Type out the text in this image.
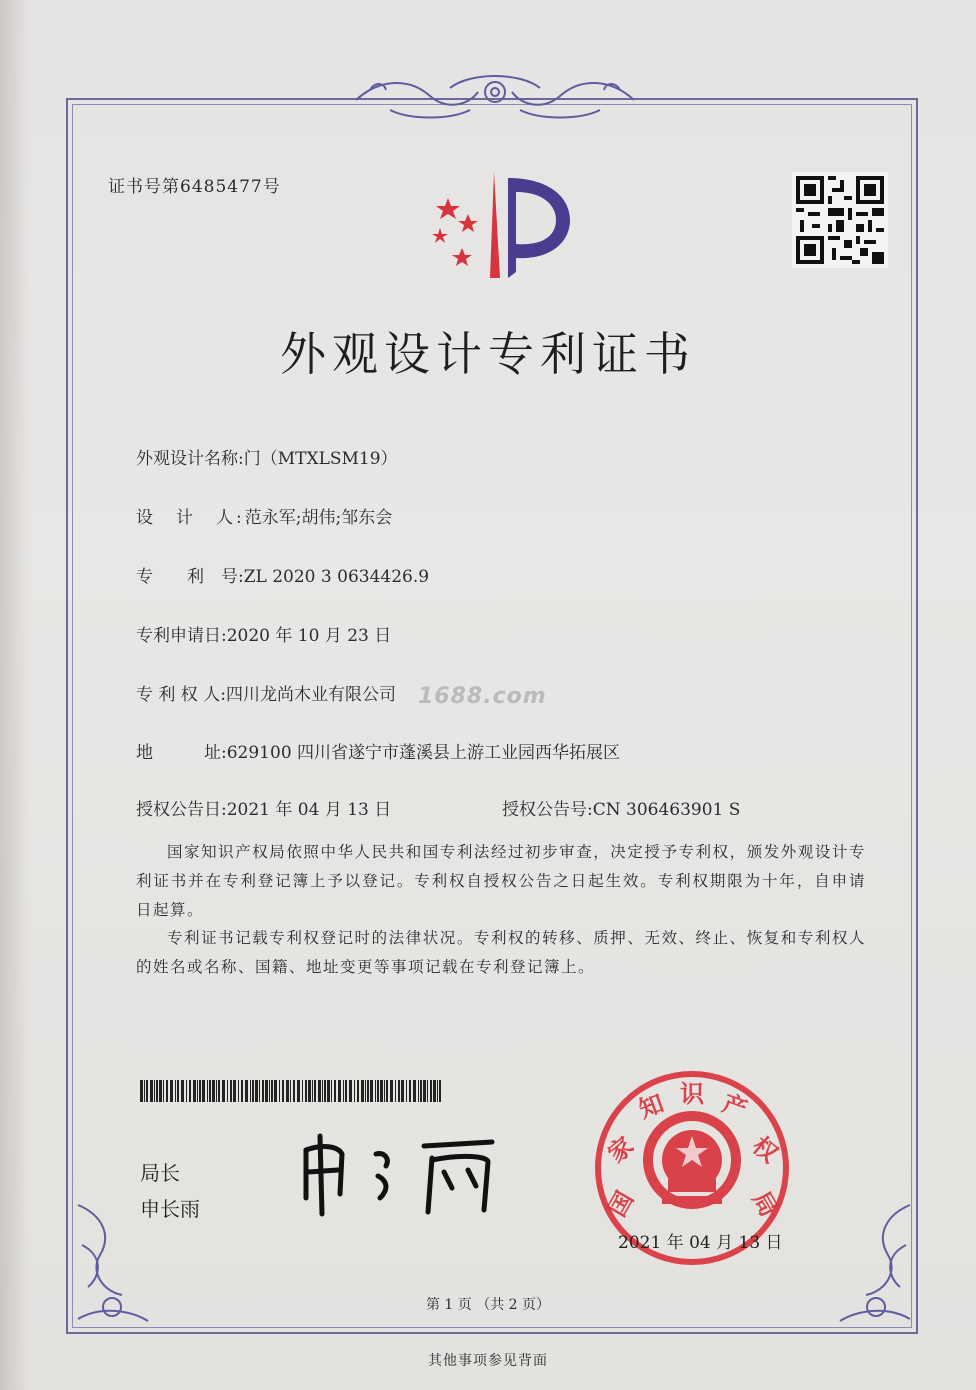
证书号第6485477号
外观设计专利证书
外观设计名称:门（MTXLSM19）
设　计　人:范永军;胡伟;邹东会
专　　利　号:ZL 2020 3 0634426.9
专利申请日:2020 年 10 月 23 日
专 利 权 人:四川龙尚木业有限公司
地　　　址:629100 四川省遂宁市蓬溪县上游工业园西华拓展区
授权公告日:2021 年 04 月 13 日	授权公告号:CN 306463901 S
1688.com
国家知识产权局依照中华人民共和国专利法经过初步审查，决定授予专利权，颁发外观设计专利证书并在专利登记簿上予以登记。专利权自授权公告之日起生效。专利权期限为十年，自申请日起算。
专利证书记载专利权登记时的法律状况。专利权的转移、质押、无效、终止、恢复和专利权人的姓名或名称、国籍、地址变更等事项记载在专利登记簿上。
局长
申长雨	国
家
知 识 产
权
局
2021 年 04 月 13 日
第 1 页 （共 2 页）
其他事项参见背面
